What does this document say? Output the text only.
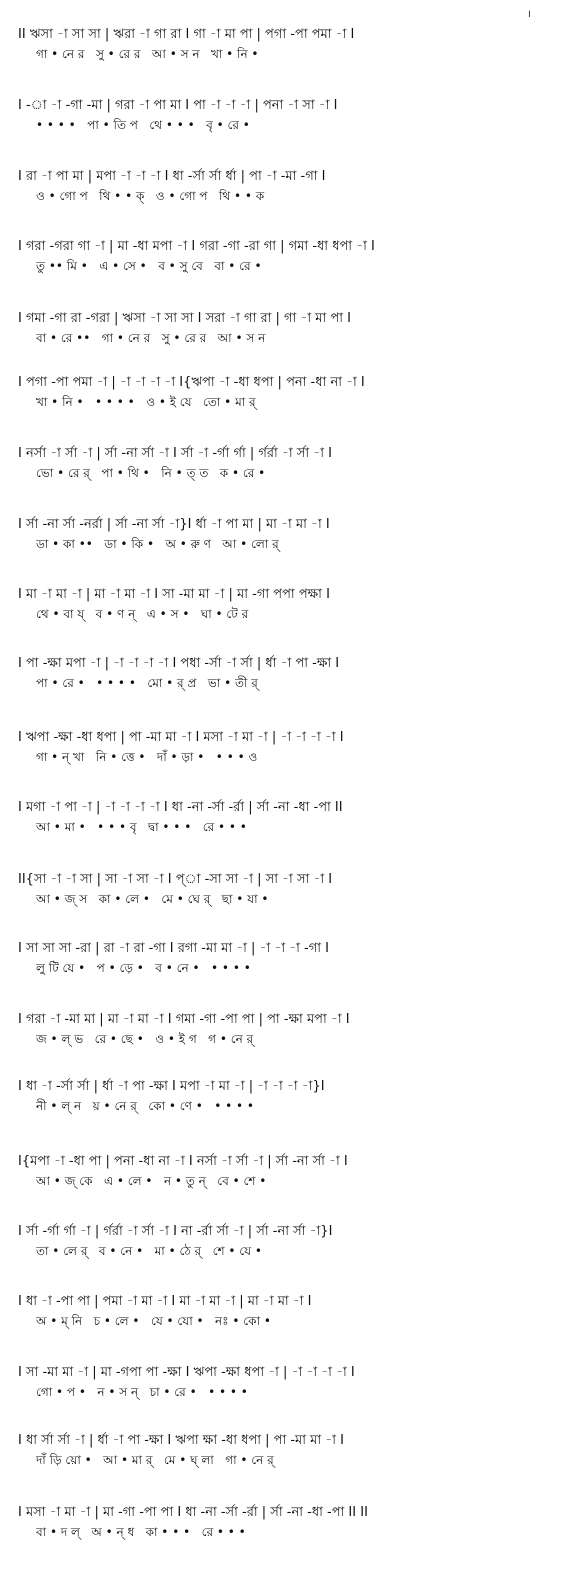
।
II ঋসা -া সা সা | ঋরা -া গা রা I গা -া মা পা | পগা -পা পমা -া I
গা • নে র   সু • রে র   আ • স ন   খা • নি •
I -া -া -গা -মা | গরা -া পা মা I পা -া -া -া | পনা -া সা -া I
• • • •   পা • তি প   থে • • •   বৃ • রে •
I রা -া পা মা | মপা -া -া -া I ধা -র্সা র্সা র্ধা | পা -া -মা -গা I
ও • গো প   থি • • ক্   ও • গো প   থি • • ক
I গরা -গরা গা -া | মা -ধা মপা -া I গরা -গা -রা গা | গমা -ধা ধপা -া I
তু •• মি •   এ • সে •   ব • সু বে   বা • রে •
I গমা -গা রা -গরা | ঋসা -া সা সা I সরা -া গা রা | গা -া মা পা I
বা • রে ••   গা • নে র   সু • রে র   আ • স ন
I পগা -পা পমা -া | -া -া -া -া I{ঋপা -া -ধা ধপা | পনা -ধা না -া I
খা • নি •   • • • •   ও • ই যে   তো • মা র্
I নর্সা -া র্সা -া | র্সা -না র্সা -া I র্সা -া -র্গা র্গা | র্গর্রা -া র্সা -া I
ভো • রে র্   পা • থি •   নি • ত্ ত   ক • রে •
I র্সা -না র্সা -নর্রা | র্সা -না র্সা -া}I র্ধা -া পা মা | মা -া মা -া I
ডা • কা ••   ডা • কি •   অ • রু ণ   আ • লো র্
I মা -া মা -া | মা -া মা -া I সা -মা মা -া | মা -গা পপা পক্ষা I
থে • বা য্   ব • ণ ন্   এ • স •   ঘা • টে র
I পা -ক্ষা মপা -া | -া -া -া -া I পধা -র্সা -া র্সা | র্ধা -া পা -ক্ষা I
পা • রে •   • • • •   মো • র্ প্র   ভা • তী র্
I ঋপা -ক্ষা -ধা ধপা | পা -মা মা -া I মসা -া মা -া | -া -া -া -া I
গা • ন্ খা   নি • ত্তে •   দাঁ • ড়া •   • • • ও
I মগা -া পা -া | -া -া -া -া I ধা -না -র্সা -র্রা | র্সা -না -ধা -পা II
আ • মা •   • • • বৃ   দ্বা • • •   রে • • •
II{সা -া -া সা | সা -া সা -া I প্া -সা সা -া | সা -া সা -া I
আ • জ্ স   কা • লে •   মে • ঘে র্   ছা • যা •
I সা সা সা -রা | রা -া রা -গা I রগা -মা মা -া | -া -া -া -গা I
লু টি যে •   প • ড়ে •   ব • নে •   • • • •
I গরা -া -মা মা | মা -া মা -া I গমা -গা -পা পা | পা -ক্ষা মপা -া I
জ • ল্ ভ   রে • ছে •   ও • ই গ   গ • নে র্
I ধা -া -র্সা র্সা | র্ধা -া পা -ক্ষা I মপা -া মা -া | -া -া -া -া}I
নী • ল্ ন   য় • নে র্   কো • ণে •   • • • •
I{মপা -া -ধা পা | পনা -ধা না -া I নর্সা -া র্সা -া | র্সা -না র্সা -া I
আ • জ্ কে   এ • লে •   ন • তু ন্   বে • শে •
I র্সা -র্গা র্গা -া | র্গর্রা -া র্সা -া I না -র্রা র্সা -া | র্সা -না র্সা -া}I
তা • লে র্   ব • নে •   মা • ঠে র্   শে • যে •
I ধা -া -পা পা | পমা -া মা -া I মা -া মা -া | মা -া মা -া I
অ • ম্ নি   চ • লে •   যে • যো •   নঃ • কো •
I সা -মা মা -া | মা -গপা পা -ক্ষা I ঋপা -ক্ষা ধপা -া | -া -া -া -া I
গো • প •   ন • স ন্   চা • রে •   • • • •
I ধা র্সা র্সা -া | র্ধা -া পা -ক্ষা I ঋপা ক্ষা -ধা ধপা | পা -মা মা -া I
দাঁ ড়ি য়ো •   আ • মা র্   মে • ঘ্ লা   গা • নে র্
I মসা -া মা -া | মা -গা -পা পা I ধা -না -র্সা -র্রা | র্সা -না -ধা -পা II II
বা • দ ল্   অ • ন্ ধ   কা • • •   রে • • •
